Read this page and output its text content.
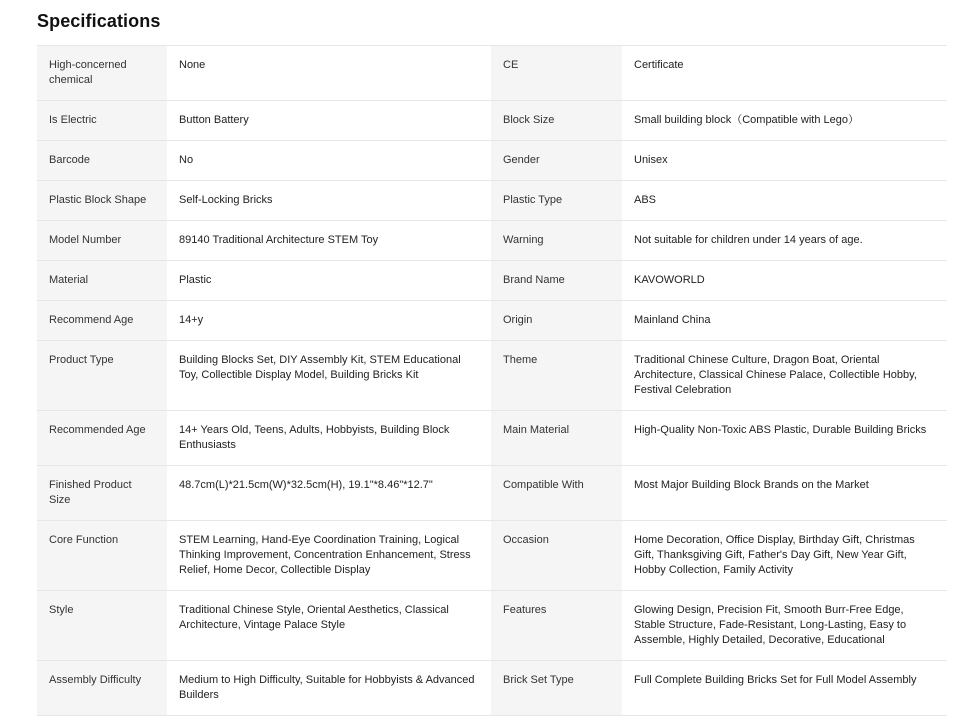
Specifications
High-concerned chemical	None	CE	Certificate
Is Electric	Button Battery	Block Size	Small building block（Compatible with Lego）
Barcode	No	Gender	Unisex
Plastic Block Shape	Self-Locking Bricks	Plastic Type	ABS
Model Number	89140 Traditional Architecture STEM Toy	Warning	Not suitable for children under 14 years of age.
Material	Plastic	Brand Name	KAVOWORLD
Recommend Age	14+y	Origin	Mainland China
Product Type	Building Blocks Set, DIY Assembly Kit, STEM Educational Toy, Collectible Display Model, Building Bricks Kit	Theme	Traditional Chinese Culture, Dragon Boat, Oriental Architecture, Classical Chinese Palace, Collectible Hobby, Festival Celebration
Recommended Age	14+ Years Old, Teens, Adults, Hobbyists, Building Block Enthusiasts	Main Material	High-Quality Non-Toxic ABS Plastic, Durable Building Bricks
Finished Product Size	48.7cm(L)*21.5cm(W)*32.5cm(H), 19.1"*8.46"*12.7"	Compatible With	Most Major Building Block Brands on the Market
Core Function	STEM Learning, Hand-Eye Coordination Training, Logical Thinking Improvement, Concentration Enhancement, Stress Relief, Home Decor, Collectible Display	Occasion	Home Decoration, Office Display, Birthday Gift, Christmas Gift, Thanksgiving Gift, Father's Day Gift, New Year Gift, Hobby Collection, Family Activity
Style	Traditional Chinese Style, Oriental Aesthetics, Classical Architecture, Vintage Palace Style	Features	Glowing Design, Precision Fit, Smooth Burr-Free Edge, Stable Structure, Fade-Resistant, Long-Lasting, Easy to Assemble, Highly Detailed, Decorative, Educational
Assembly Difficulty	Medium to High Difficulty, Suitable for Hobbyists & Advanced Builders	Brick Set Type	Full Complete Building Bricks Set for Full Model Assembly
